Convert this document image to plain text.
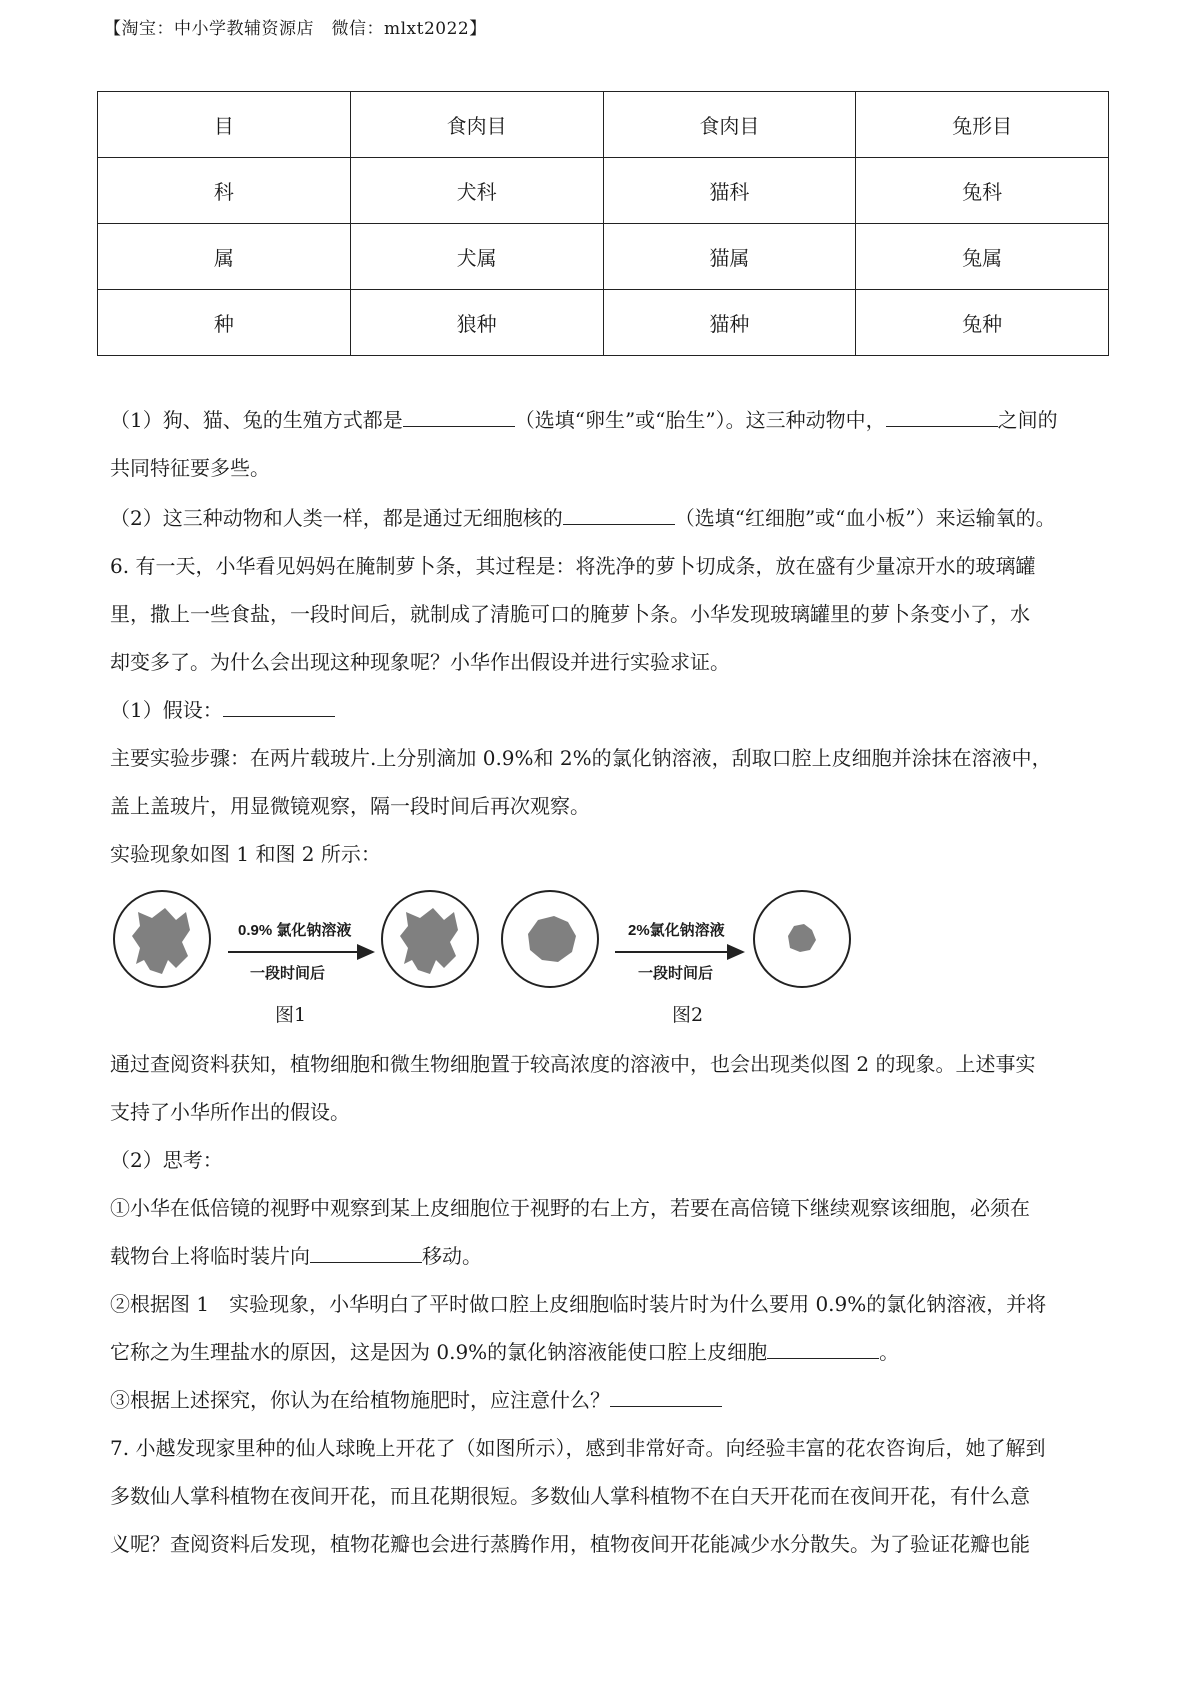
【淘宝：中小学教辅资源店　微信：mlxt2022】
目	食肉目	食肉目	兔形目
科	犬科	猫科	兔科
属	犬属	猫属	兔属
种	狼种	猫种	兔种

（1）狗、猫、兔的生殖方式都是	（选填“卵生”或“胎生”）。这三种动物中，	之间的
共同特征要多些。

（2）这三种动物和人类一样，都是通过无细胞核的	（选填“红细胞”或“血小板”）来运输氧的。

6. 有一天，小华看见妈妈在腌制萝卜条，其过程是：将洗净的萝卜切成条，放在盛有少量凉开水的玻璃罐
里，撒上一些食盐，一段时间后，就制成了清脆可口的腌萝卜条。小华发现玻璃罐里的萝卜条变小了，水
却变多了。为什么会出现这种现象呢？小华作出假设并进行实验求证。

（1）假设：

主要实验步骤：在两片载玻片.上分别滴加 0.9%和 2%的氯化钠溶液，刮取口腔上皮细胞并涂抹在溶液中，
盖上盖玻片，用显微镜观察，隔一段时间后再次观察。

实验现象如图 1 和图 2 所示：

0.9% 氯化钠溶液
一段时间后
图1
2%氯化钠溶液
一段时间后
图2

通过查阅资料获知，植物细胞和微生物细胞置于较高浓度的溶液中，也会出现类似图 2 的现象。上述事实
支持了小华所作出的假设。

（2）思考：

①小华在低倍镜的视野中观察到某上皮细胞位于视野的右上方，若要在高倍镜下继续观察该细胞，必须在
载物台上将临时装片向	移动。

②根据图 1　实验现象，小华明白了平时做口腔上皮细胞临时装片时为什么要用 0.9%的氯化钠溶液，并将
它称之为生理盐水的原因，这是因为 0.9%的氯化钠溶液能使口腔上皮细胞	。

③根据上述探究，你认为在给植物施肥时，应注意什么？

7. 小越发现家里种的仙人球晚上开花了（如图所示），感到非常好奇。向经验丰富的花农咨询后，她了解到
多数仙人掌科植物在夜间开花，而且花期很短。多数仙人掌科植物不在白天开花而在夜间开花，有什么意
义呢？查阅资料后发现，植物花瓣也会进行蒸腾作用，植物夜间开花能减少水分散失。为了验证花瓣也能
